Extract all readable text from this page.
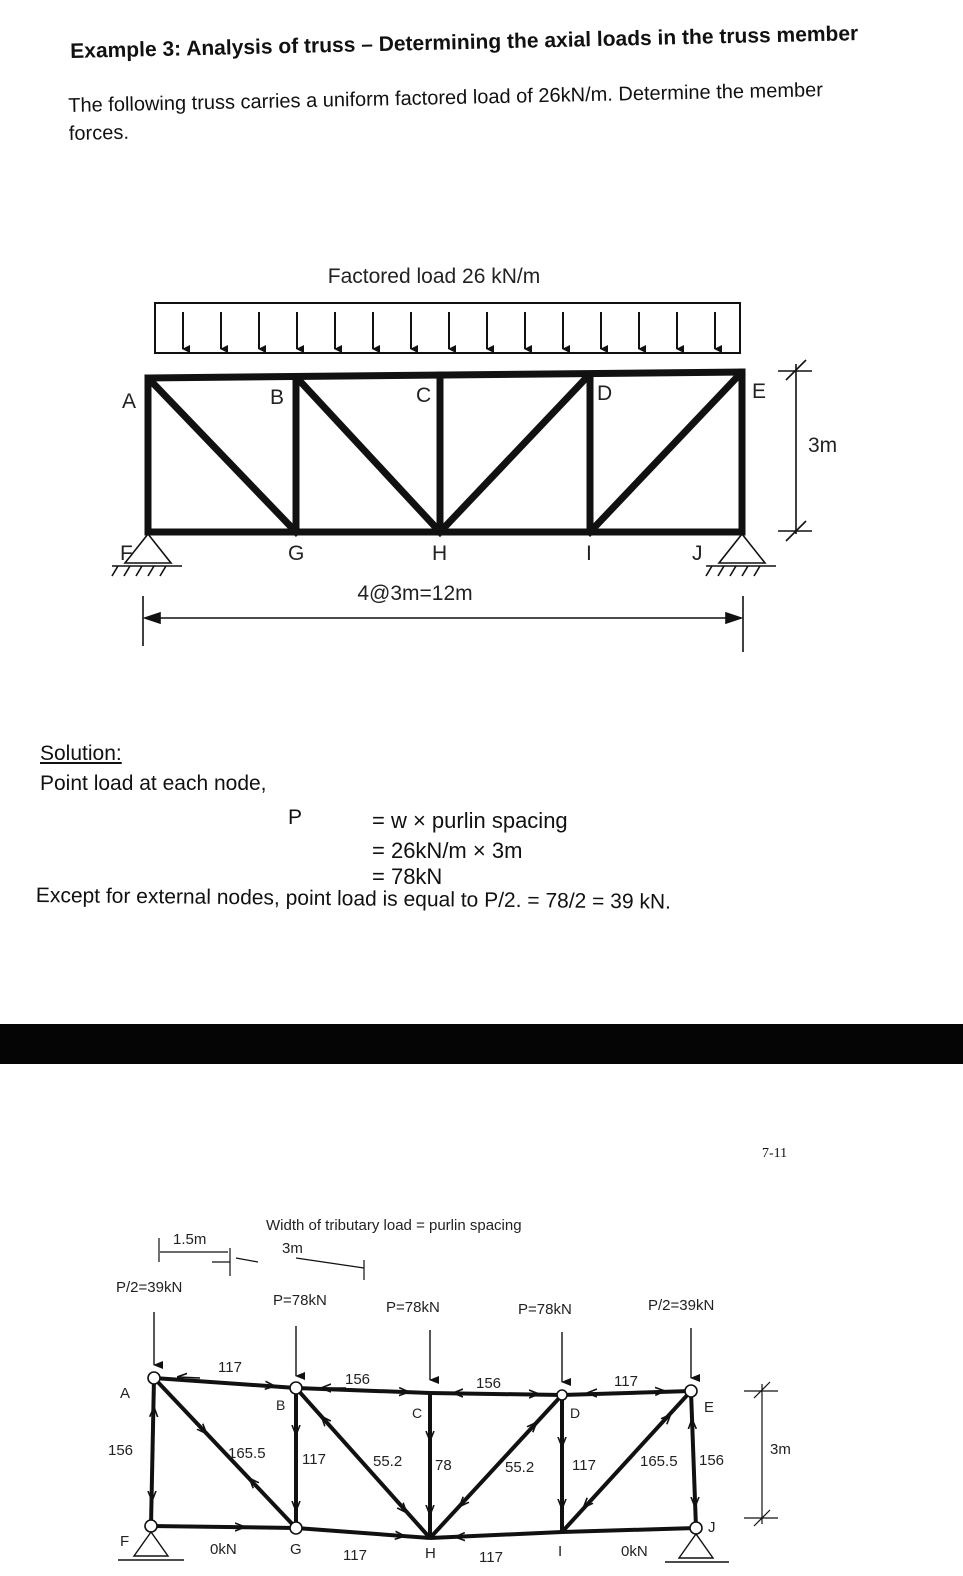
Example 3: Analysis of truss – Determining the axial loads in the truss member
The following truss carries a uniform factored load of 26kN/m. Determine the member
forces.
Factored load 26 kN/m
A	B	C	D	E
F	G	H	I	J
4@3m=12m
3m
Solution:
Point load at each node,
P	= w × purlin spacing
= 26kN/m × 3m
= 78kN
Except for external nodes, point load is equal to P/2. = 78/2 = 39 kN.
7-11
1.5m
Width of tributary load = purlin spacing
3m
P/2=39kN
P=78kN	P=78kN	P=78kN	P/2=39kN
A
B	C	D	E
F	G	H	I
J
117
156	156	117
156
117	78	117	156
165.5	55.2	55.2	165.5
0kN	117	117	0kN
3m
